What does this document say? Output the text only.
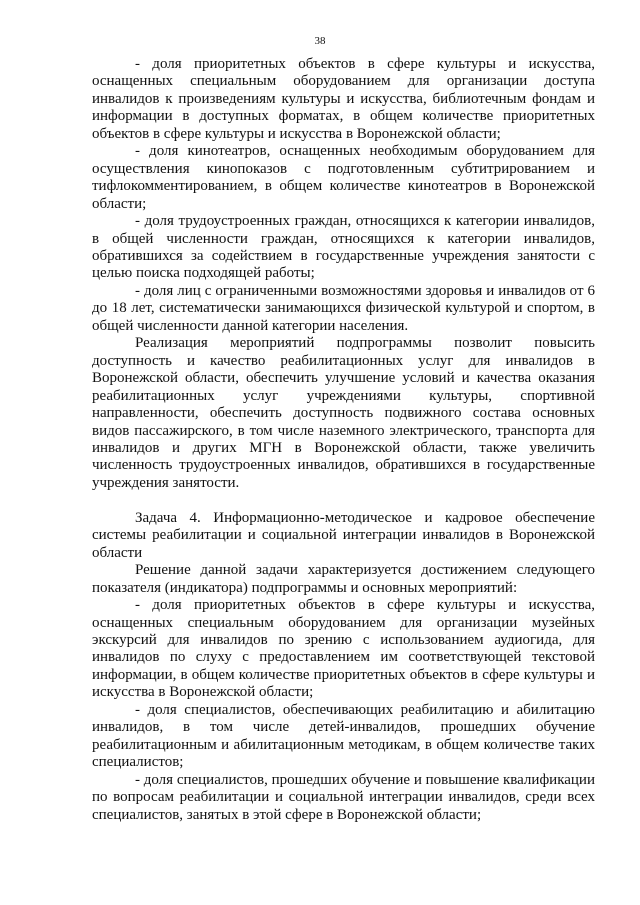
38

- доля приоритетных объектов в сфере культуры и искусства, оснащенных специальным оборудованием для организации доступа инвалидов к произведениям культуры и искусства, библиотечным фондам и информации в доступных форматах, в общем количестве приоритетных объектов в сфере культуры и искусства в Воронежской области;

- доля кинотеатров, оснащенных необходимым оборудованием для осуществления кинопоказов с подготовленным субтитрированием и тифлокомментированием, в общем количестве кинотеатров в Воронежской области;

- доля трудоустроенных граждан, относящихся к категории инвалидов, в общей численности граждан, относящихся к категории инвалидов, обратившихся за содействием в государственные учреждения занятости с целью поиска подходящей работы;

- доля лиц с ограниченными возможностями здоровья и инвалидов от 6 до 18 лет, систематически занимающихся физической культурой и спортом, в общей численности данной категории населения.

Реализация мероприятий подпрограммы позволит повысить доступность и качество реабилитационных услуг для инвалидов в Воронежской области, обеспечить улучшение условий и качества оказания реабилитационных услуг учреждениями культуры, спортивной направленности, обеспечить доступность подвижного состава основных видов пассажирского, в том числе наземного электрического, транспорта для инвалидов и других МГН в Воронежской области, также увеличить численность трудоустроенных инвалидов, обратившихся в государственные учреждения занятости.

Задача 4. Информационно-методическое и кадровое обеспечение системы реабилитации и социальной интеграции инвалидов в Воронежской области

Решение данной задачи характеризуется достижением следующего показателя (индикатора) подпрограммы и основных мероприятий:

- доля приоритетных объектов в сфере культуры и искусства, оснащенных специальным оборудованием для организации музейных экскурсий для инвалидов по зрению с использованием аудиогида, для инвалидов по слуху с предоставлением им соответствующей текстовой информации, в общем количестве приоритетных объектов в сфере культуры и искусства в Воронежской области;

- доля специалистов, обеспечивающих реабилитацию и абилитацию инвалидов, в том числе детей-инвалидов, прошедших обучение реабилитационным и абилитационным методикам, в общем количестве таких специалистов;

- доля специалистов, прошедших обучение и повышение квалификации по вопросам реабилитации и социальной интеграции инвалидов, среди всех специалистов, занятых в этой сфере в Воронежской области;
